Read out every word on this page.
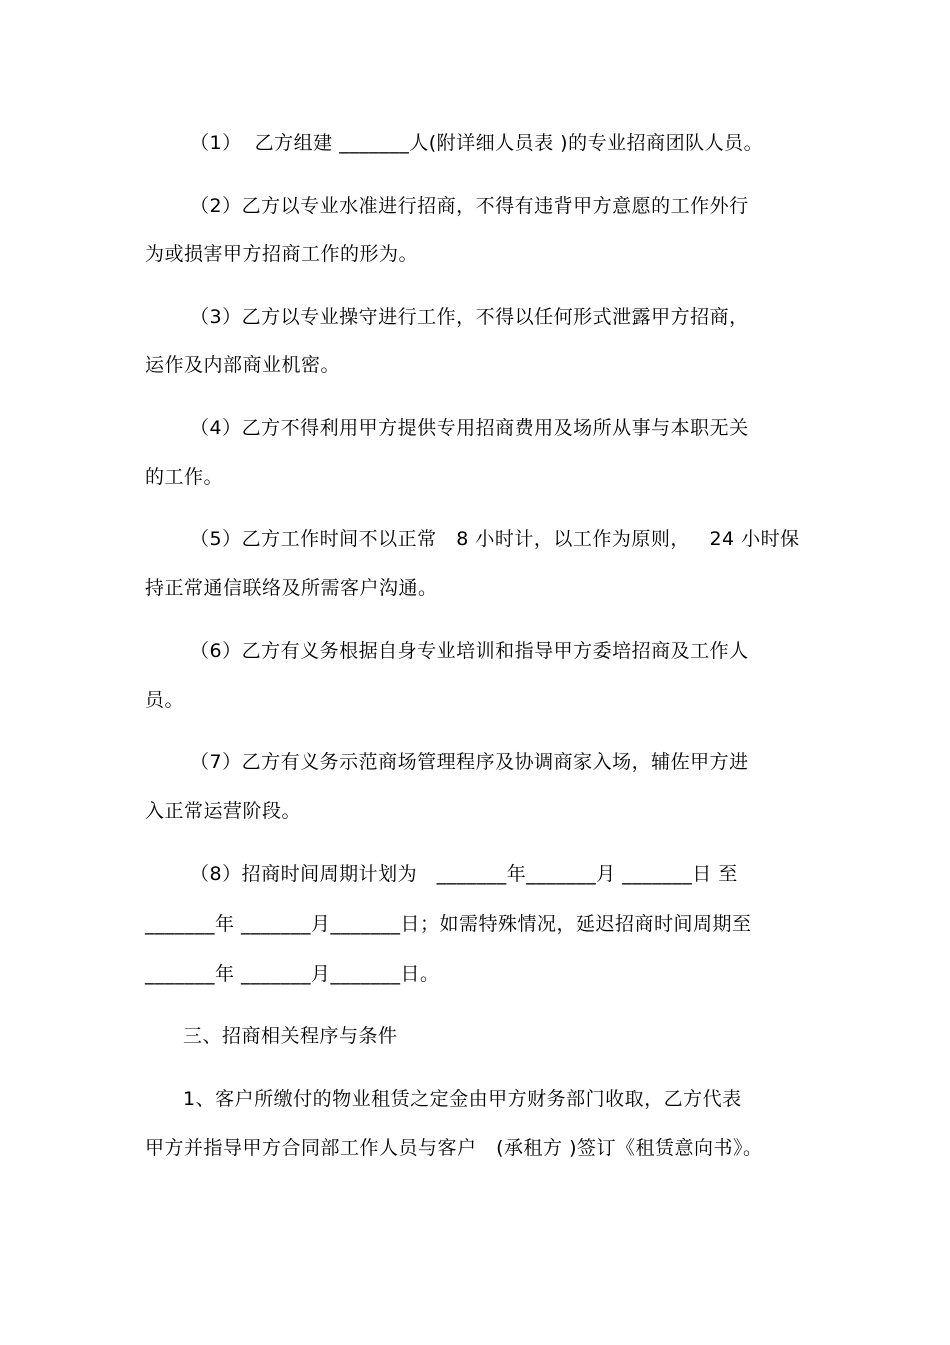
（1）  乙方组建 _______人(附详细人员表 )的专业招商团队人员。
（2）乙方以专业水准进行招商，不得有违背甲方意愿的工作外行
为或损害甲方招商工作的形为。
（3）乙方以专业操守进行工作，不得以任何形式泄露甲方招商，
运作及内部商业机密。
（4）乙方不得利用甲方提供专用招商费用及场所从事与本职无关
的工作。
（5）乙方工作时间不以正常   8 小时计，以工作为原则，   24 小时保
持正常通信联络及所需客户沟通。
（6）乙方有义务根据自身专业培训和指导甲方委培招商及工作人
员。
（7）乙方有义务示范商场管理程序及协调商家入场，辅佐甲方进
入正常运营阶段。
（8）招商时间周期计划为   _______年_______月 _______日 至
_______年 _______月_______日；如需特殊情况，延迟招商时间周期至
_______年 _______月_______日。
三、招商相关程序与条件
1、客户所缴付的物业租赁之定金由甲方财务部门收取，乙方代表
甲方并指导甲方合同部工作人员与客户   (承租方 )签订《租赁意向书》。
